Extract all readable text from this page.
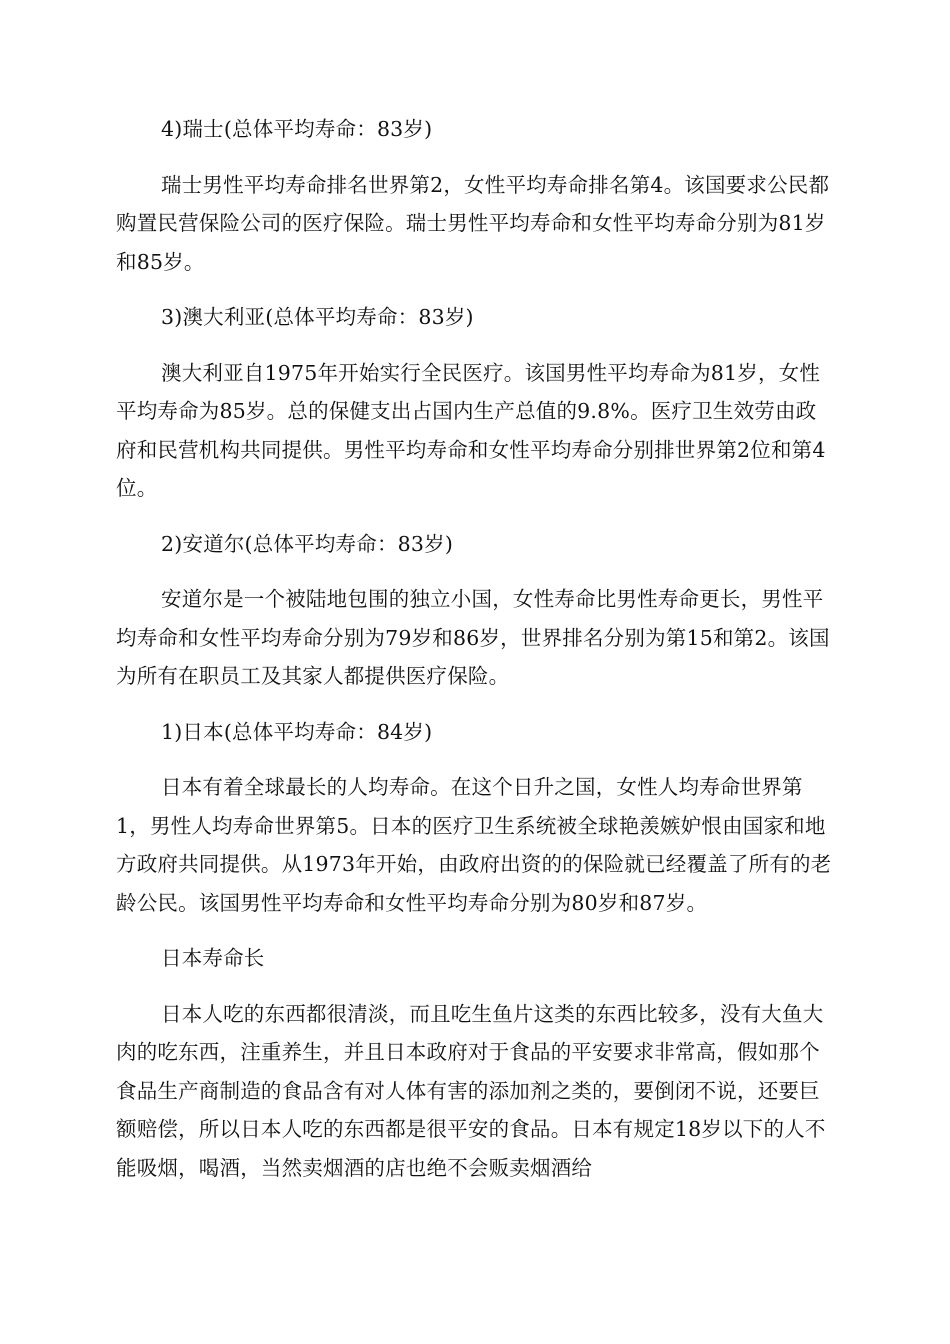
4)瑞士(总体平均寿命：83岁)

瑞士男性平均寿命排名世界第2，女性平均寿命排名第4。该国要求公民都购置民营保险公司的医疗保险。瑞士男性平均寿命和女性平均寿命分别为81岁和85岁。

3)澳大利亚(总体平均寿命：83岁)

澳大利亚自1975年开始实行全民医疗。该国男性平均寿命为81岁，女性平均寿命为85岁。总的保健支出占国内生产总值的9.8%。医疗卫生效劳由政府和民营机构共同提供。男性平均寿命和女性平均寿命分别排世界第2位和第4位。

2)安道尔(总体平均寿命：83岁)

安道尔是一个被陆地包围的独立小国，女性寿命比男性寿命更长，男性平均寿命和女性平均寿命分别为79岁和86岁，世界排名分别为第15和第2。该国为所有在职员工及其家人都提供医疗保险。

1)日本(总体平均寿命：84岁)

日本有着全球最长的人均寿命。在这个日升之国，女性人均寿命世界第1，男性人均寿命世界第5。日本的医疗卫生系统被全球艳羡嫉妒恨由国家和地方政府共同提供。从1973年开始，由政府出资的的保险就已经覆盖了所有的老龄公民。该国男性平均寿命和女性平均寿命分别为80岁和87岁。

日本寿命长

日本人吃的东西都很清淡，而且吃生鱼片这类的东西比较多，没有大鱼大肉的吃东西，注重养生，并且日本政府对于食品的平安要求非常高，假如那个食品生产商制造的食品含有对人体有害的添加剂之类的，要倒闭不说，还要巨额赔偿，所以日本人吃的东西都是很平安的食品。日本有规定18岁以下的人不能吸烟，喝酒，当然卖烟酒的店也绝不会贩卖烟酒给
